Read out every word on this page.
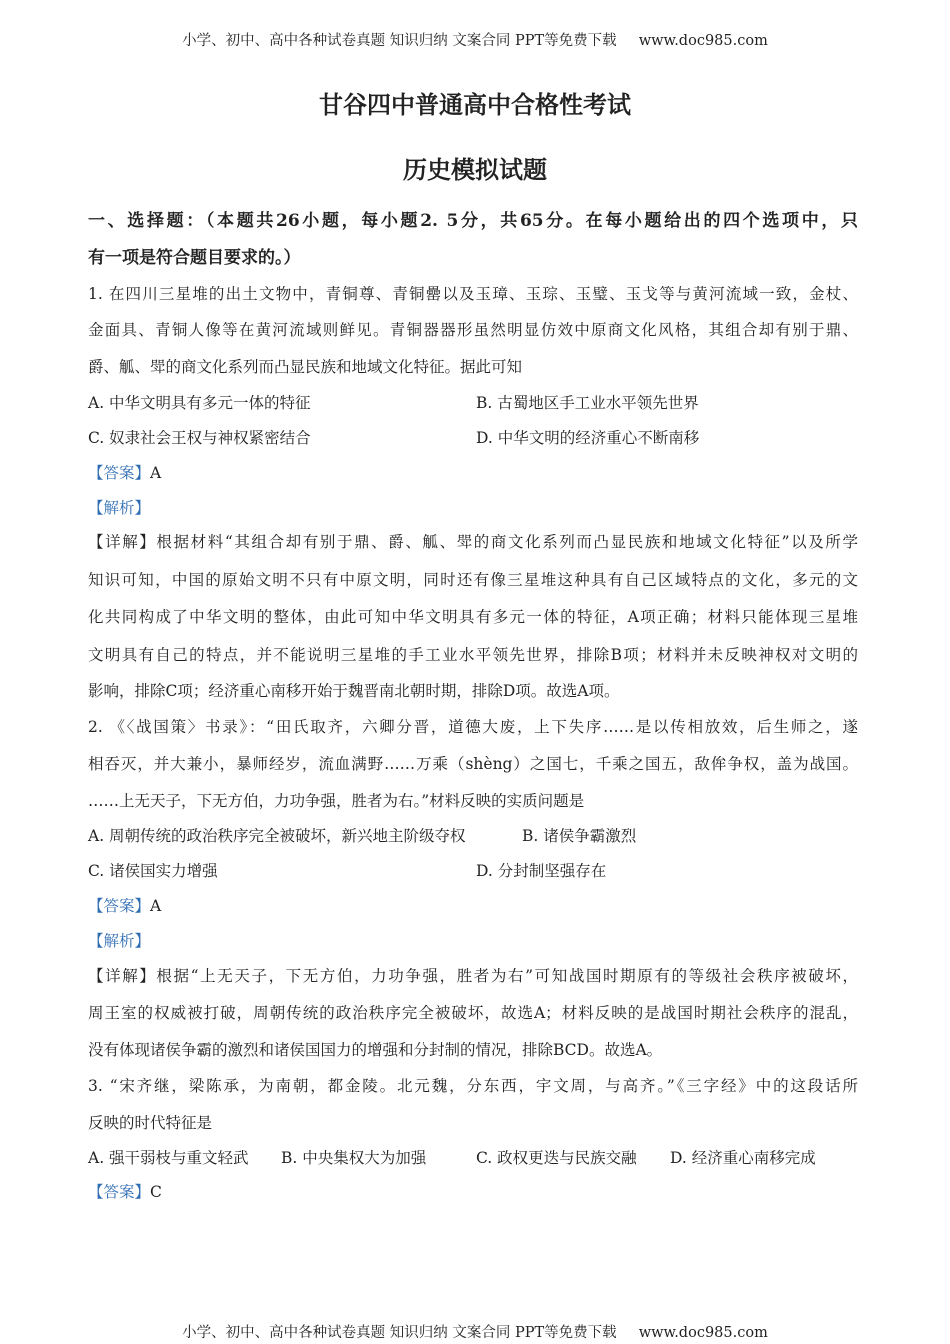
小学、初中、高中各种试卷真题 知识归纳 文案合同 PPT等免费下载 www.doc985.com
甘谷四中普通高中合格性考试
历史模拟试题
一、选择题：（本题共26小题，每小题2. 5分，共65分。在每小题给出的四个选项中，只
有一项是符合题目要求的。）
1. 在四川三星堆的出土文物中，青铜尊、青铜罍以及玉璋、玉琮、玉璧、玉戈等与黄河流域一致，金杖、
金面具、青铜人像等在黄河流域则鲜见。青铜器器形虽然明显仿效中原商文化风格，其组合却有别于鼎、
爵、觚、斝的商文化系列而凸显民族和地域文化特征。据此可知
A. 中华文明具有多元一体的特征	B. 古蜀地区手工业水平领先世界
C. 奴隶社会王权与神权紧密结合	D. 中华文明的经济重心不断南移
【答案】A
【解析】
【详解】根据材料“其组合却有别于鼎、爵、觚、斝的商文化系列而凸显民族和地域文化特征”以及所学
知识可知，中国的原始文明不只有中原文明，同时还有像三星堆这种具有自己区域特点的文化，多元的文
化共同构成了中华文明的整体，由此可知中华文明具有多元一体的特征，A项正确；材料只能体现三星堆
文明具有自己的特点，并不能说明三星堆的手工业水平领先世界，排除B项；材料并未反映神权对文明的
影响，排除C项；经济重心南移开始于魏晋南北朝时期，排除D项。故选A项。
2. 《〈战国策〉书录》：“田氏取齐，六卿分晋，道德大废，上下失序……是以传相放效，后生师之，遂
相吞灭，并大兼小，暴师经岁，流血满野……万乘（shèng）之国七，千乘之国五，敌侔争权，盖为战国。
……上无天子，下无方伯，力功争强，胜者为右。”材料反映的实质问题是
A. 周朝传统的政治秩序完全被破坏，新兴地主阶级夺权	B. 诸侯争霸激烈
C. 诸侯国实力增强	D. 分封制坚强存在
【答案】A
【解析】
【详解】根据“上无天子，下无方伯，力功争强，胜者为右”可知战国时期原有的等级社会秩序被破坏，
周王室的权威被打破，周朝传统的政治秩序完全被破坏，故选A；材料反映的是战国时期社会秩序的混乱，
没有体现诸侯争霸的激烈和诸侯国国力的增强和分封制的情况，排除BCD。故选A。
3. “宋齐继，梁陈承，为南朝，都金陵。北元魏，分东西，宇文周，与高齐。”《三字经》中的这段话所
反映的时代特征是
A. 强干弱枝与重文轻武 B. 中央集权大为加强	C. 政权更迭与民族交融 D. 经济重心南移完成
【答案】C
小学、初中、高中各种试卷真题 知识归纳 文案合同 PPT等免费下载 www.doc985.com
